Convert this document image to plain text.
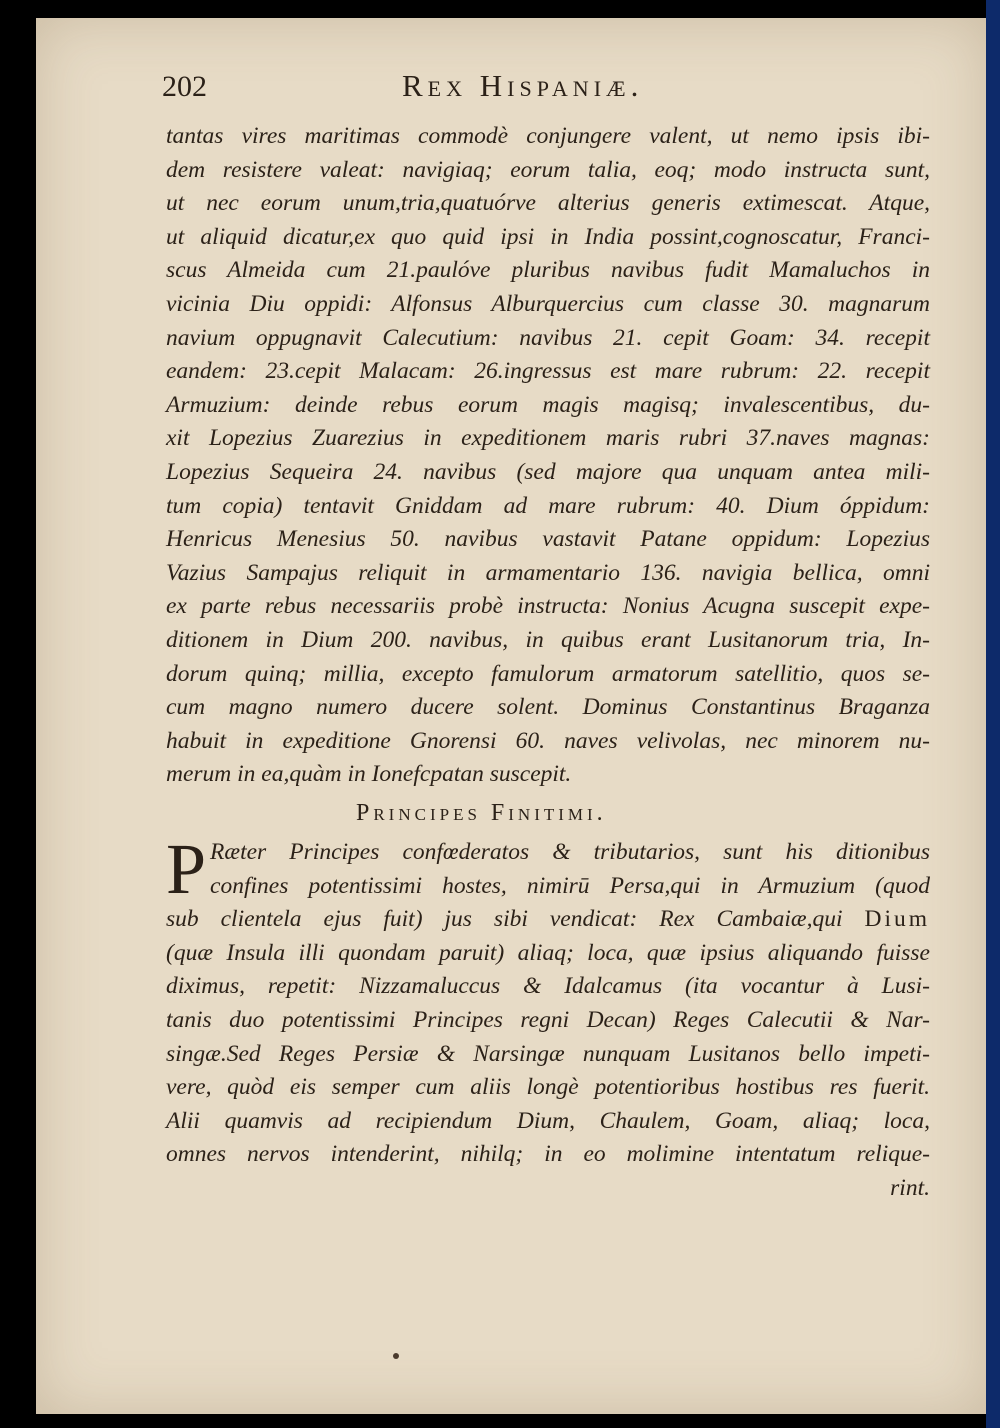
202	Rex Hispaniæ.
tantas vires maritimas commodè conjungere valent, ut nemo ipsis ibi-
dem resistere valeat: navigiaq; eorum talia, eoq; modo instructa sunt,
ut nec eorum unum,tria,quatuórve alterius generis extimescat. Atque,
ut aliquid dicatur,ex quo quid ipsi in India possint,cognoscatur, Franci-
scus Almeida cum 21.paulóve pluribus navibus fudit Mamaluchos in
vicinia Diu oppidi: Alfonsus Alburquercius cum classe 30. magnarum
navium oppugnavit Calecutium: navibus 21. cepit Goam: 34. recepit
eandem: 23.cepit Malacam: 26.ingressus est mare rubrum: 22. recepit
Armuzium: deinde rebus eorum magis magisq; invalescentibus, du-
xit Lopezius Zuarezius in expeditionem maris rubri 37.naves magnas:
Lopezius Sequeira 24. navibus (sed majore qua unquam antea mili-
tum copia) tentavit Gniddam ad mare rubrum: 40. Dium óppidum:
Henricus Menesius 50. navibus vastavit Patane oppidum: Lopezius
Vazius Sampajus reliquit in armamentario 136. navigia bellica, omni
ex parte rebus necessariis probè instructa: Nonius Acugna suscepit expe-
ditionem in Dium 200. navibus, in quibus erant Lusitanorum tria, In-
dorum quinq; millia, excepto famulorum armatorum satellitio, quos se-
cum magno numero ducere solent. Dominus Constantinus Braganza
habuit in expeditione Gnorensi 60. naves velivolas, nec minorem nu-
merum in ea,quàm in Ionefcpatan suscepit.
Principes Finitimi.
P Ræter Principes confœderatos & tributarios, sunt his ditionibus
confines potentissimi hostes, nimirū Persa,qui in Armuzium (quod
sub clientela ejus fuit) jus sibi vendicat: Rex Cambaiæ,qui Dium
(quæ Insula illi quondam paruit) aliaq; loca, quæ ipsius aliquando fuisse
diximus, repetit: Nizzamaluccus & Idalcamus (ita vocantur à Lusi-
tanis duo potentissimi Principes regni Decan) Reges Calecutii & Nar-
singæ.Sed Reges Persiæ & Narsingæ nunquam Lusitanos bello impeti-
vere, quòd eis semper cum aliis longè potentioribus hostibus res fuerit.
Alii quamvis ad recipiendum Dium, Chaulem, Goam, aliaq; loca,
omnes nervos intenderint, nihilq; in eo molimine intentatum relique-
rint.
